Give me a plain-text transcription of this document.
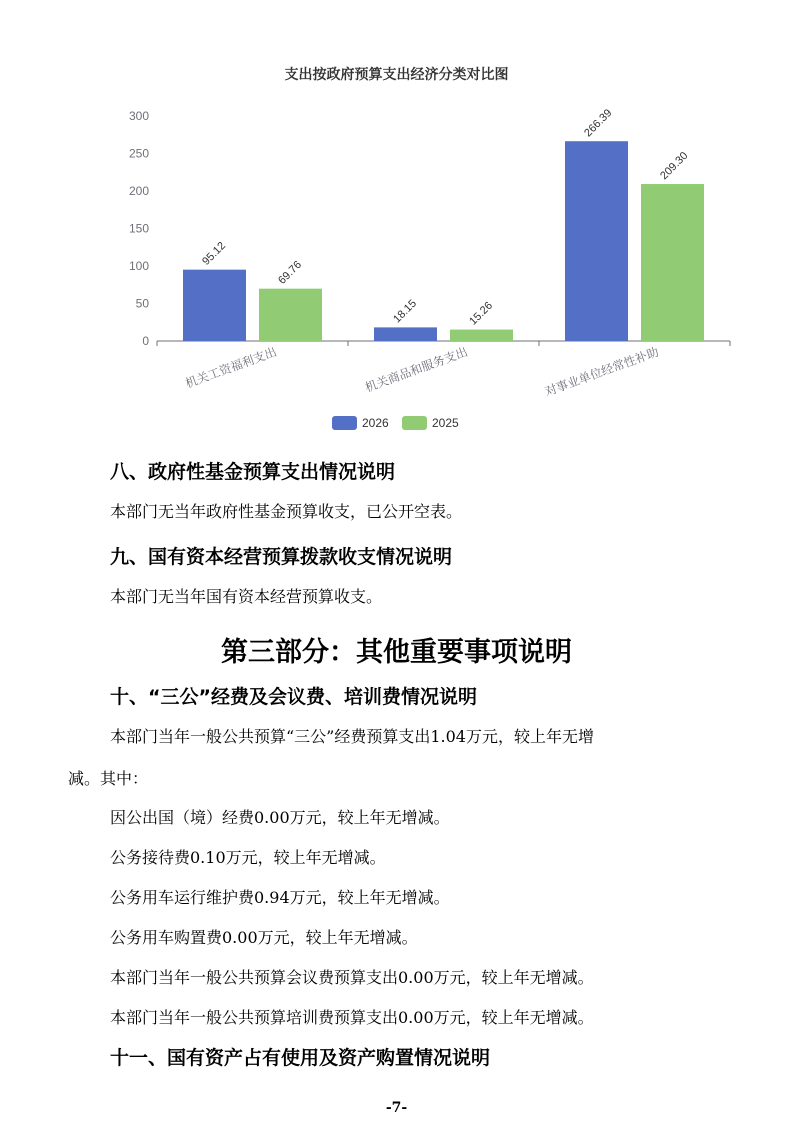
支出按政府预算支出经济分类对比图
0
50
100
150
200
250
300
95.12
69.76
机关工资福利支出
18.15	15.26
机关商品和服务支出
266.39
209.30
对事业单位经常性补助
2026	2025
八、政府性基金预算支出情况说明
本部门无当年政府性基金预算收支，已公开空表。
九、国有资本经营预算拨款收支情况说明
本部门无当年国有资本经营预算收支。
第三部分：其他重要事项说明
十、“三公”经费及会议费、培训费情况说明
本部门当年一般公共预算“三公”经费预算支出1.04万元，较上年无增
减。其中：
因公出国（境）经费0.00万元，较上年无增减。
公务接待费0.10万元，较上年无增减。
公务用车运行维护费0.94万元，较上年无增减。
公务用车购置费0.00万元，较上年无增减。
本部门当年一般公共预算会议费预算支出0.00万元，较上年无增减。
本部门当年一般公共预算培训费预算支出0.00万元，较上年无增减。
十一、国有资产占有使用及资产购置情况说明
-7-
